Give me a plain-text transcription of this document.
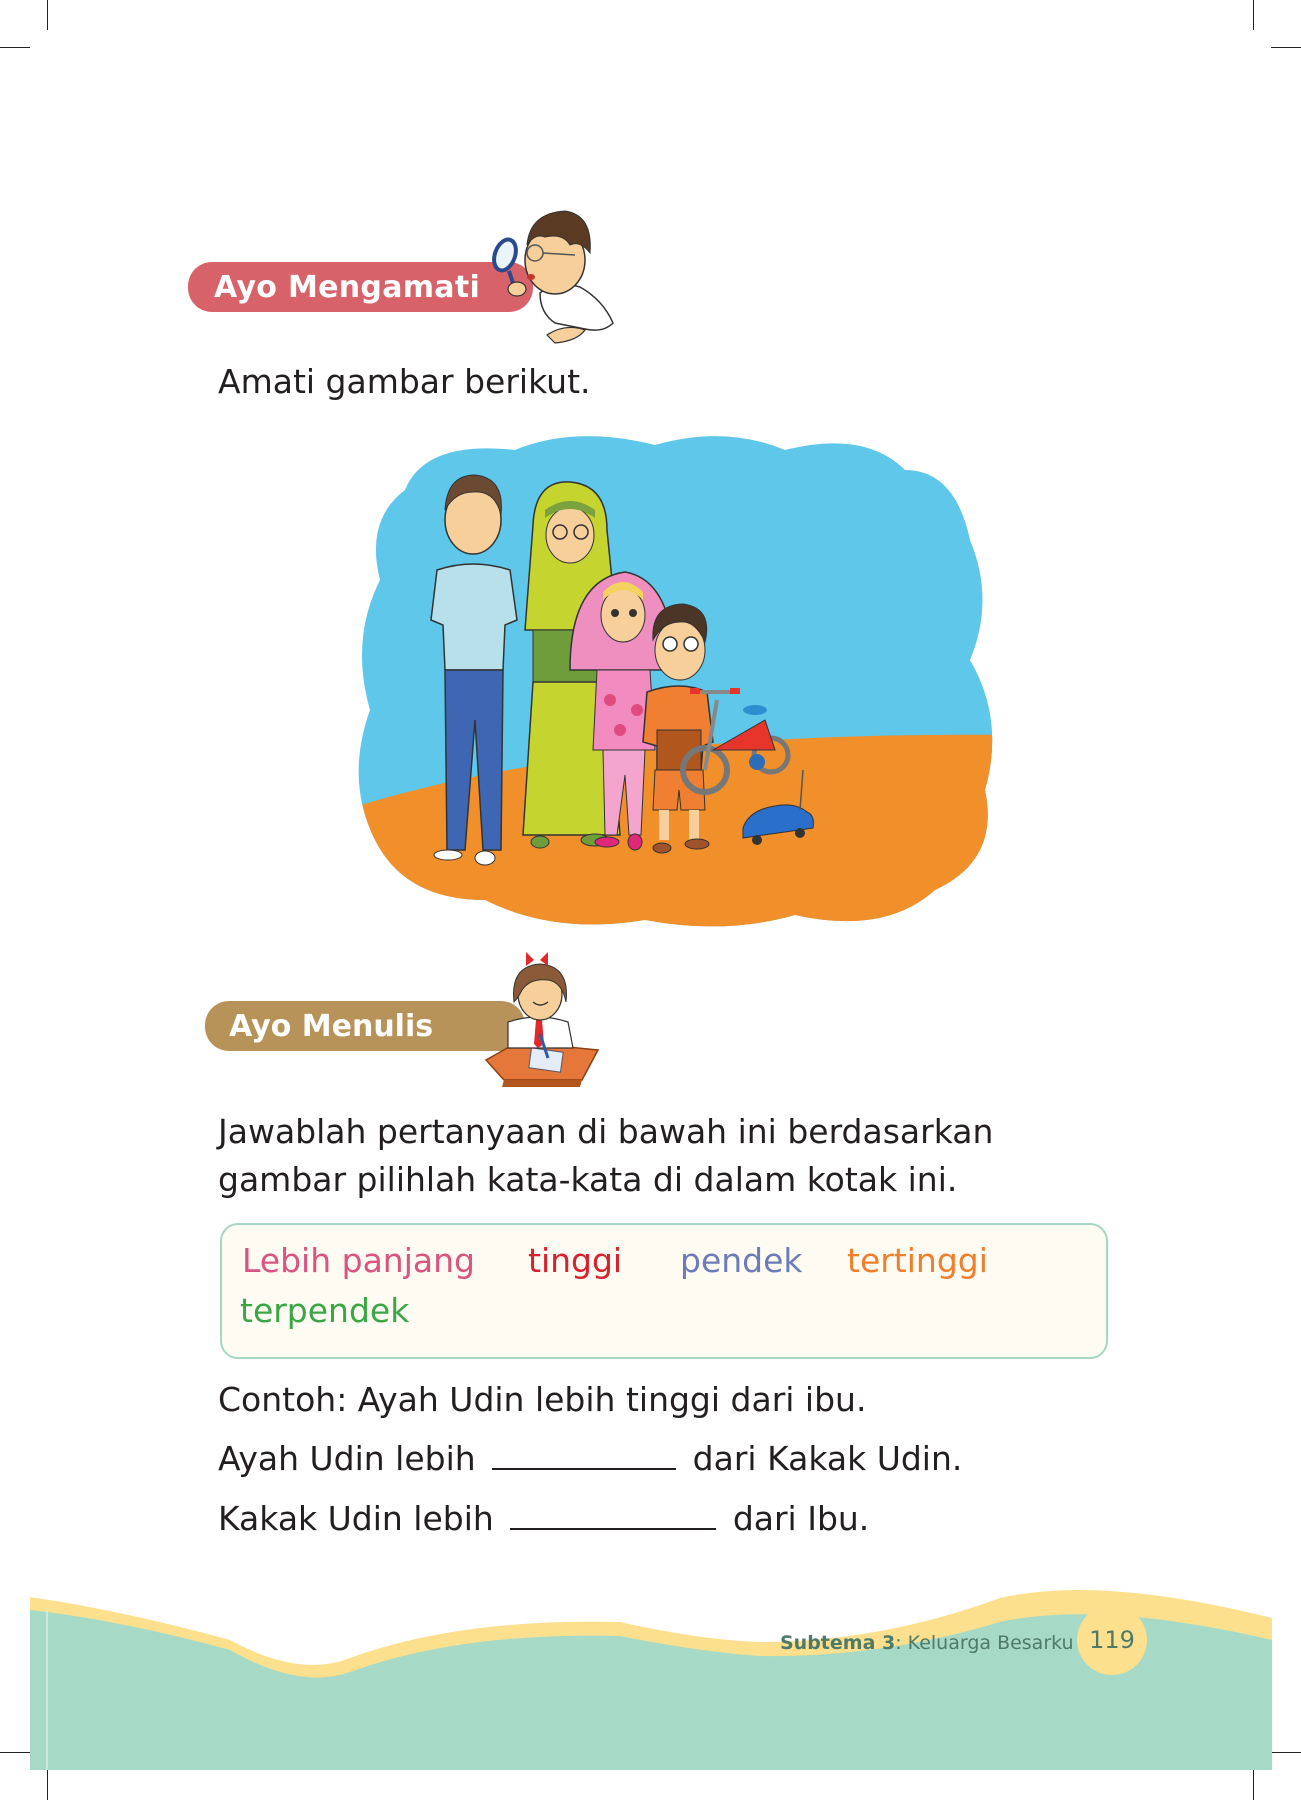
Ayo Mengamati
Amati gambar berikut.
Ayo Menulis
Jawablah pertanyaan di bawah ini berdasarkan
gambar pilihlah kata-kata di dalam kotak ini.
Lebih panjang tinggi pendek tertinggi
terpendek
Contoh: Ayah Udin lebih tinggi dari ibu.
Ayah Udin lebih	dari Kakak Udin.
Kakak Udin lebih	dari Ibu.
Subtema 3: Keluarga Besarku 119
